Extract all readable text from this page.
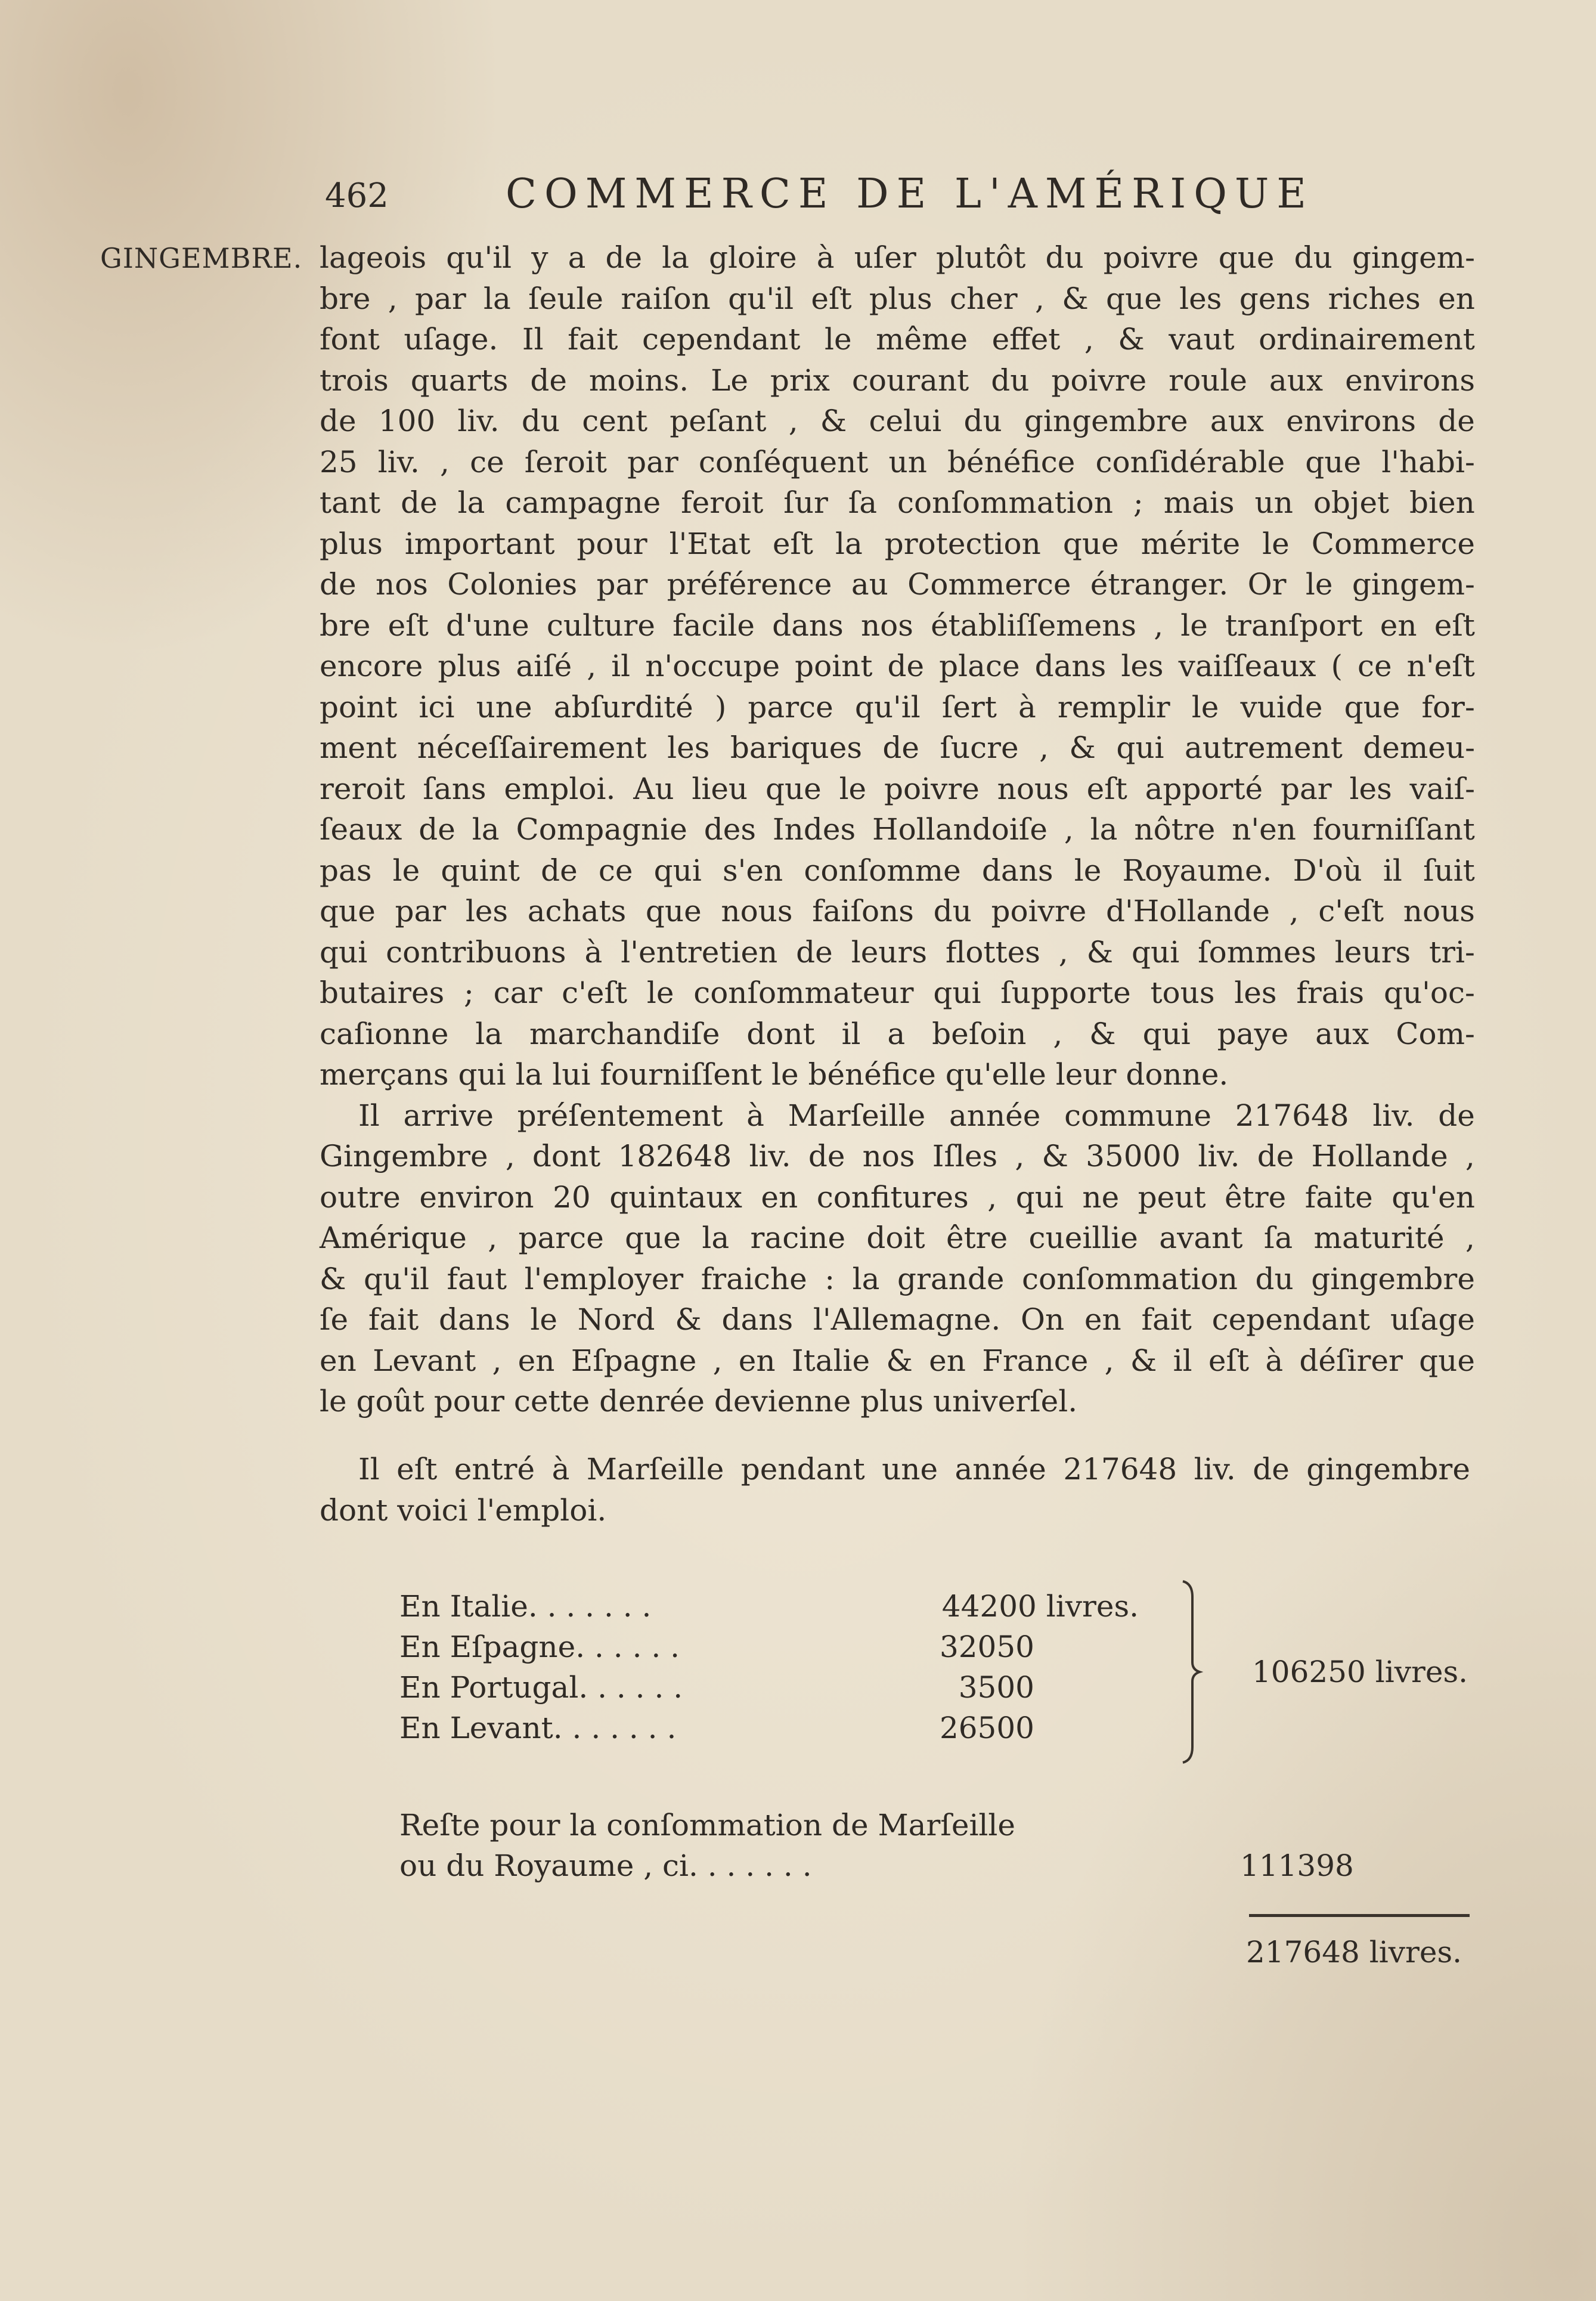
462	COMMERCE DE L'AMÉRIQUE
GINGEMBRE. lageois qu'il y a de la gloire à uſer plutôt du poivre que du gingem-
bre , par la ſeule raiſon qu'il eſt plus cher , & que les gens riches en
font uſage. Il fait cependant le même effet , & vaut ordinairement
trois quarts de moins. Le prix courant du poivre roule aux environs
de 100 liv. du cent peſant , & celui du gingembre aux environs de
25 liv. , ce ſeroit par conſéquent un bénéfice conſidérable que l'habi-
tant de la campagne feroit ſur ſa conſommation ; mais un objet bien
plus important pour l'Etat eſt la protection que mérite le Commerce
de nos Colonies par préférence au Commerce étranger. Or le gingem-
bre eſt d'une culture facile dans nos établiſſemens , le tranſport en eſt
encore plus aiſé , il n'occupe point de place dans les vaiſſeaux ( ce n'eſt
point ici une abſurdité ) parce qu'il ſert à remplir le vuide que for-
ment néceſſairement les bariques de ſucre , & qui autrement demeu-
reroit ſans emploi. Au lieu que le poivre nous eſt apporté par les vaiſ-
ſeaux de la Compagnie des Indes Hollandoiſe , la nôtre n'en fourniſſant
pas le quint de ce qui s'en conſomme dans le Royaume. D'où il ſuit
que par les achats que nous faiſons du poivre d'Hollande , c'eſt nous
qui contribuons à l'entretien de leurs flottes , & qui ſommes leurs tri-
butaires ; car c'eſt le conſommateur qui ſupporte tous les frais qu'oc-
caſionne la marchandiſe dont il a beſoin , & qui paye aux Com-
merçans qui la lui fourniſſent le bénéfice qu'elle leur donne.
Il arrive préſentement à Marſeille année commune 217648 liv. de
Gingembre , dont 182648 liv. de nos Iſles , & 35000 liv. de Hollande ,
outre environ 20 quintaux en confitures , qui ne peut être faite qu'en
Amérique , parce que la racine doit être cueillie avant ſa maturité ,
& qu'il faut l'employer fraiche : la grande conſommation du gingembre
ſe fait dans le Nord & dans l'Allemagne. On en fait cependant uſage
en Levant , en Eſpagne , en Italie & en France , & il eſt à déſirer que
le goût pour cette denrée devienne plus univerſel.
Il eſt entré à Marſeille pendant une année 217648 liv. de gingembre
dont voici l'emploi.
En Italie. . . . . . .	44200 livres.
En Eſpagne. . . . . .	32050
En Portugal. . . . . .	3500
En Levant. . . . . . .	26500
106250 livres.
Reſte pour la conſommation de Marſeille
ou du Royaume , ci. . . . . . .	111398
217648 livres.
